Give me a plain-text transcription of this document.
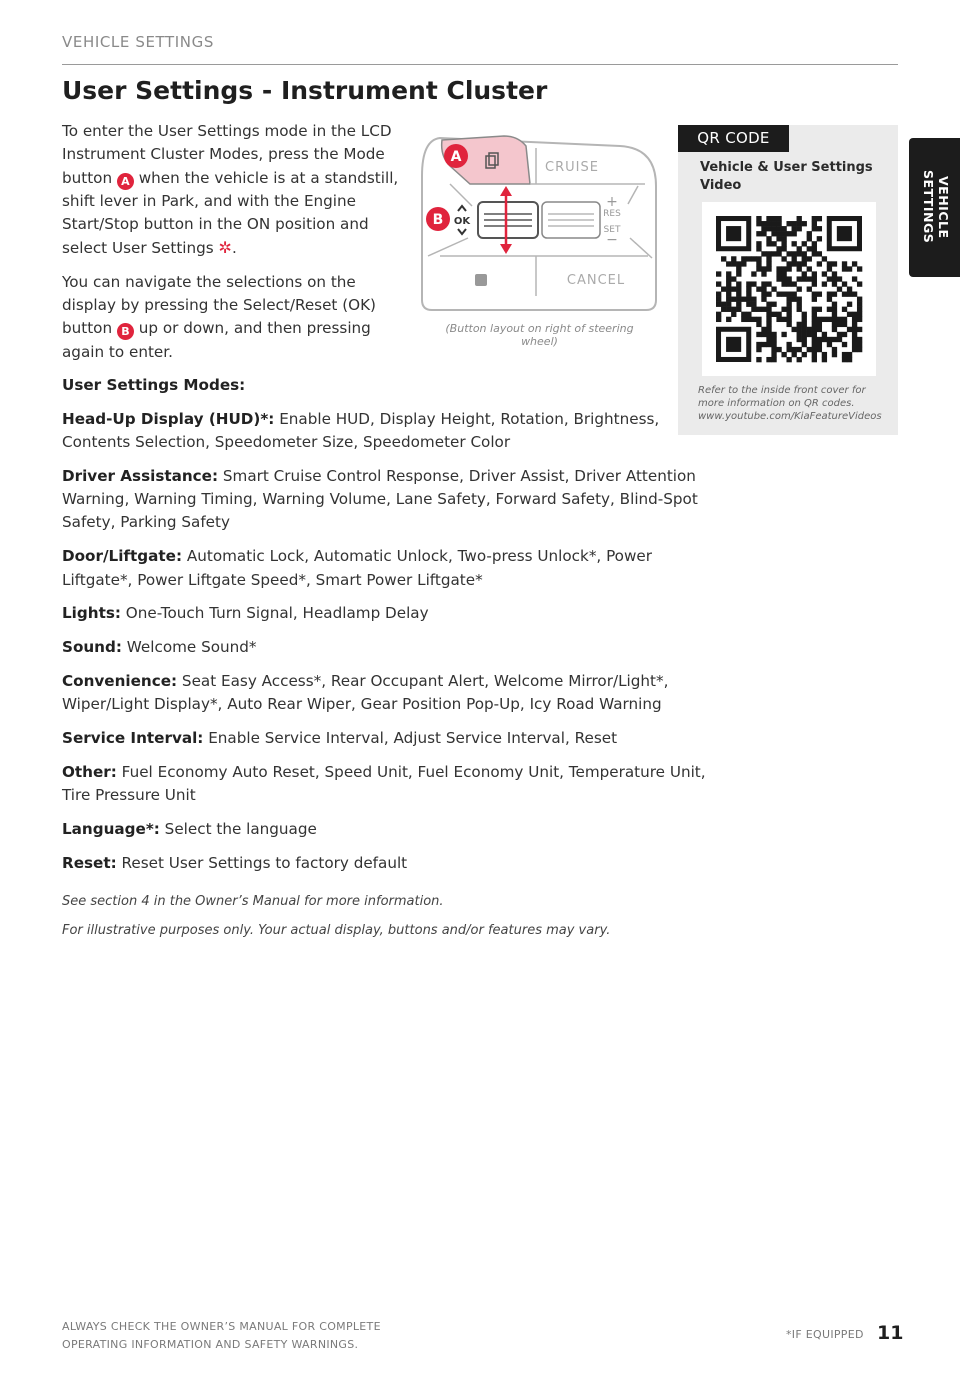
VEHICLE SETTINGS
VEHICLE
SETTINGS
User Settings - Instrument Cluster

To enter the User Settings mode in the LCD Instrument Cluster Modes, press the Mode button A when the vehicle is at a standstill, shift lever in Park, and with the Engine Start/Stop button in the ON position and select User Settings ✲.

You can navigate the selections on the display by pressing the Select/Reset (OK) button B up or down, and then pressing again to enter.

OK
CRUISE
CANCEL
+
RES
SET
−
A
B
(Button layout on right of steering wheel)
QR CODE
Vehicle & User Settings Video
Refer to the inside front cover for
more information on QR codes.
www.youtube.com/KiaFeatureVideos

User Settings Modes:

Head-Up Display (HUD)*: Enable HUD, Display Height, Rotation, Brightness, Contents Selection, Speedometer Size, Speedometer Color

Driver Assistance: Smart Cruise Control Response, Driver Assist, Driver Attention Warning, Warning Timing, Warning Volume, Lane Safety, Forward Safety, Blind-Spot Safety, Parking Safety

Door/Liftgate: Automatic Lock, Automatic Unlock, Two-press Unlock*, Power Liftgate*, Power Liftgate Speed*, Smart Power Liftgate*

Lights: One-Touch Turn Signal, Headlamp Delay

Sound: Welcome Sound*

Convenience: Seat Easy Access*, Rear Occupant Alert, Welcome Mirror/Light*, Wiper/Light Display*, Auto Rear Wiper, Gear Position Pop-Up, Icy Road Warning

Service Interval: Enable Service Interval, Adjust Service Interval, Reset

Other: Fuel Economy Auto Reset, Speed Unit, Fuel Economy Unit, Temperature Unit, Tire Pressure Unit

Language*: Select the language

Reset: Reset User Settings to factory default

See section 4 in the Owner’s Manual for more information.

For illustrative purposes only. Your actual display, buttons and/or features may vary.

ALWAYS CHECK THE OWNER’S MANUAL FOR COMPLETE
OPERATING INFORMATION AND SAFETY WARNINGS.
*IF EQUIPPED 11
